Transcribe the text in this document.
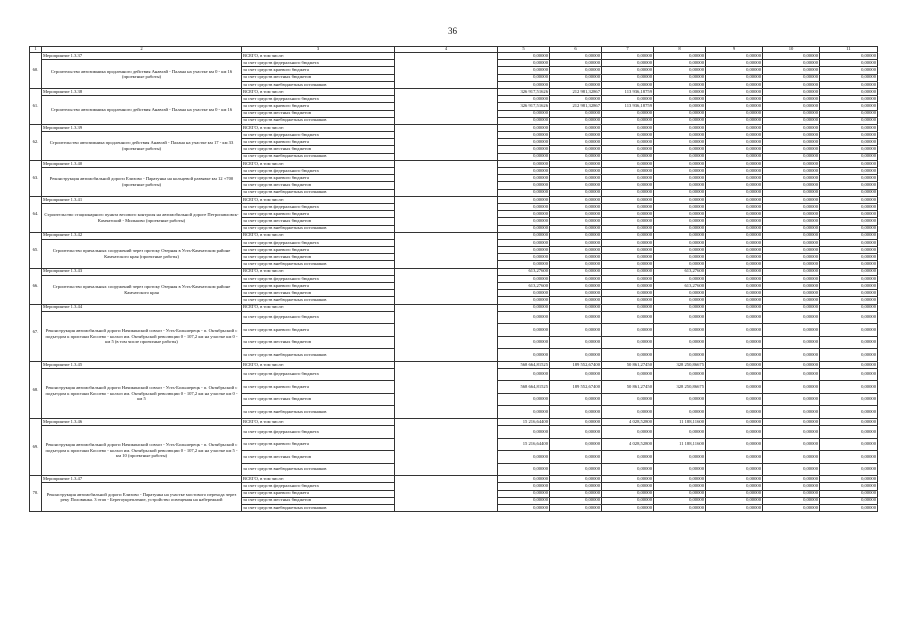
36
1	2	3	4	5	6	7	8	9	10	11
60.	Мероприятие 1.3.37	ВСЕГО, в том числе:		0,00000	0,00000	0,00000	0,00000	0,00000	0,00000	0,00000
	Строительство автозимника продленного действия Анавгай - Палана на участке км 0 - км 16 (проектные работы)	за счет средств федерального бюджета		0,00000	0,00000	0,00000	0,00000	0,00000	0,00000	0,00000
		за счет средств краевого бюджета		0,00000	0,00000	0,00000	0,00000	0,00000	0,00000	0,00000
		за счет средств местных бюджетов		0,00000	0,00000	0,00000	0,00000	0,00000	0,00000	0,00000
		за счет средств внебюджетных источников		0,00000	0,00000	0,00000	0,00000	0,00000	0,00000	0,00000
61.	Мероприятие 1.3.38	ВСЕГО, в том числе:		326 917,51626	212 981,32867	113 936,18759	0,00000	0,00000	0,00000	0,00000
	Строительство автозимника продленного действия Анавгай - Палана на участке км 0 - км 16	за счет средств федерального бюджета		0,00000	0,00000	0,00000	0,00000	0,00000	0,00000	0,00000
		за счет средств краевого бюджета		326 917,51626	212 981,32867	113 936,18759	0,00000	0,00000	0,00000	0,00000
		за счет средств местных бюджетов		0,00000	0,00000	0,00000	0,00000	0,00000	0,00000	0,00000
		за счет средств внебюджетных источников		0,00000	0,00000	0,00000	0,00000	0,00000	0,00000	0,00000
62.	Мероприятие 1.3.39	ВСЕГО, в том числе:		0,00000	0,00000	0,00000	0,00000	0,00000	0,00000	0,00000
	Строительство автозимника продленного действия Анавгай - Палана на участке км 17 - км 33 (проектные работы)	за счет средств федерального бюджета		0,00000	0,00000	0,00000	0,00000	0,00000	0,00000	0,00000
		за счет средств краевого бюджета		0,00000	0,00000	0,00000	0,00000	0,00000	0,00000	0,00000
		за счет средств местных бюджетов		0,00000	0,00000	0,00000	0,00000	0,00000	0,00000	0,00000
		за счет средств внебюджетных источников		0,00000	0,00000	0,00000	0,00000	0,00000	0,00000	0,00000
63.	Мероприятие 1.3.40	ВСЕГО, в том числе:		0,00000	0,00000	0,00000	0,00000	0,00000	0,00000	0,00000
	Реконструкция автомобильной дороги Елизово - Паратунка на кольцевой развязке км 12 +700 (проектные работы)	за счет средств федерального бюджета		0,00000	0,00000	0,00000	0,00000	0,00000	0,00000	0,00000
		за счет средств краевого бюджета		0,00000	0,00000	0,00000	0,00000	0,00000	0,00000	0,00000
		за счет средств местных бюджетов		0,00000	0,00000	0,00000	0,00000	0,00000	0,00000	0,00000
		за счет средств внебюджетных источников		0,00000	0,00000	0,00000	0,00000	0,00000	0,00000	0,00000
64.	Мероприятие 1.3.41	ВСЕГО, в том числе:		0,00000	0,00000	0,00000	0,00000	0,00000	0,00000	0,00000
	Строительство стационарного пункта весового контроля на автомобильной дороге Петропавловск-Камчатский - Мильково (проектные работы)	за счет средств федерального бюджета		0,00000	0,00000	0,00000	0,00000	0,00000	0,00000	0,00000
		за счет средств краевого бюджета		0,00000	0,00000	0,00000	0,00000	0,00000	0,00000	0,00000
		за счет средств местных бюджетов		0,00000	0,00000	0,00000	0,00000	0,00000	0,00000	0,00000
		за счет средств внебюджетных источников		0,00000	0,00000	0,00000	0,00000	0,00000	0,00000	0,00000
65.	Мероприятие 1.3.42	ВСЕГО, в том числе:		0,00000	0,00000	0,00000	0,00000	0,00000	0,00000	0,00000
	Строительство причальных сооружений через протоку Озерная в Усть-Камчатском районе Камчатского края (проектные работы)	за счет средств федерального бюджета		0,00000	0,00000	0,00000	0,00000	0,00000	0,00000	0,00000
		за счет средств краевого бюджета		0,00000	0,00000	0,00000	0,00000	0,00000	0,00000	0,00000
		за счет средств местных бюджетов		0,00000	0,00000	0,00000	0,00000	0,00000	0,00000	0,00000
		за счет средств внебюджетных источников		0,00000	0,00000	0,00000	0,00000	0,00000	0,00000	0,00000
66.	Мероприятие 1.3.43	ВСЕГО, в том числе:		613,27600	0,00000	0,00000	613,27600	0,00000	0,00000	0,00000
	Строительство причальных сооружений через протоку Озерная в Усть-Камчатском районе Камчатского края	за счет средств федерального бюджета		0,00000	0,00000	0,00000	0,00000	0,00000	0,00000	0,00000
		за счет средств краевого бюджета		613,27600	0,00000	0,00000	613,27600	0,00000	0,00000	0,00000
		за счет средств местных бюджетов		0,00000	0,00000	0,00000	0,00000	0,00000	0,00000	0,00000
		за счет средств внебюджетных источников		0,00000	0,00000	0,00000	0,00000	0,00000	0,00000	0,00000
67.	Мероприятие 1.3.44	ВСЕГО, в том числе:		0,00000	0,00000	0,00000	0,00000	0,00000	0,00000	0,00000
	Реконструкция автомобильной дороги Начикинский совхоз - Усть-Большерецк - п. Октябрьский с подъездом к пристани Косоево - колхоз им. Октябрьской революции 0 - 107,2 км на участке км 0 - км 5 (в том числе проектные работы)	за счет средств федерального бюджета		0,00000	0,00000	0,00000	0,00000	0,00000	0,00000	0,00000
		за счет средств краевого бюджета		0,00000	0,00000	0,00000	0,00000	0,00000	0,00000	0,00000
		за счет средств местных бюджетов		0,00000	0,00000	0,00000	0,00000	0,00000	0,00000	0,00000
		за счет средств внебюджетных источников		0,00000	0,00000	0,00000	0,00000	0,00000	0,00000	0,00000
68.	Мероприятие 1.3.45	ВСЕГО, в том числе:		568 664,81525	189 552,67400	50 861,27450	328 250,86675	0,00000	0,00000	0,00000
	Реконструкция автомобильной дороги Начикинский совхоз - Усть-Большерецк - п. Октябрьский с подъездом к пристани Косоево - колхоз им. Октябрьской революции 0 - 107,2 км на участке км 0 - км 5	за счет средств федерального бюджета		0,00000	0,00000	0,00000	0,00000	0,00000	0,00000	0,00000
		за счет средств краевого бюджета		568 664,81525	189 552,67400	50 861,27450	328 250,86675	0,00000	0,00000	0,00000
		за счет средств местных бюджетов		0,00000	0,00000	0,00000	0,00000	0,00000	0,00000	0,00000
		за счет средств внебюджетных источников		0,00000	0,00000	0,00000	0,00000	0,00000	0,00000	0,00000
69.	Мероприятие 1.3.46	ВСЕГО, в том числе:		15 216,64400	0,00000	4 028,52800	11 188,11600	0,00000	0,00000	0,00000
	Реконструкция автомобильной дороги Начикинский совхоз - Усть-Большерецк - п. Октябрьский с подъездом к пристани Косоево - колхоз им. Октябрьской революции 0 - 107,2 км на участке км 5 - км 10 (проектные работы)	за счет средств федерального бюджета		0,00000	0,00000	0,00000	0,00000	0,00000	0,00000	0,00000
		за счет средств краевого бюджета		15 216,64400	0,00000	4 028,52800	11 188,11600	0,00000	0,00000	0,00000
		за счет средств местных бюджетов		0,00000	0,00000	0,00000	0,00000	0,00000	0,00000	0,00000
		за счет средств внебюджетных источников		0,00000	0,00000	0,00000	0,00000	0,00000	0,00000	0,00000
70.	Мероприятие 1.3.47	ВСЕГО, в том числе:		0,00000	0,00000	0,00000	0,00000	0,00000	0,00000	0,00000
	Реконструкция автомобильной дороги Елизово - Паратунка на участке мостового перехода через реку Половинка. 3 этап - Берегоукрепление, устройство освещения на набережной	за счет средств федерального бюджета		0,00000	0,00000	0,00000	0,00000	0,00000	0,00000	0,00000
		за счет средств краевого бюджета		0,00000	0,00000	0,00000	0,00000	0,00000	0,00000	0,00000
		за счет средств местных бюджетов		0,00000	0,00000	0,00000	0,00000	0,00000	0,00000	0,00000
		за счет средств внебюджетных источников		0,00000	0,00000	0,00000	0,00000	0,00000	0,00000	0,00000
